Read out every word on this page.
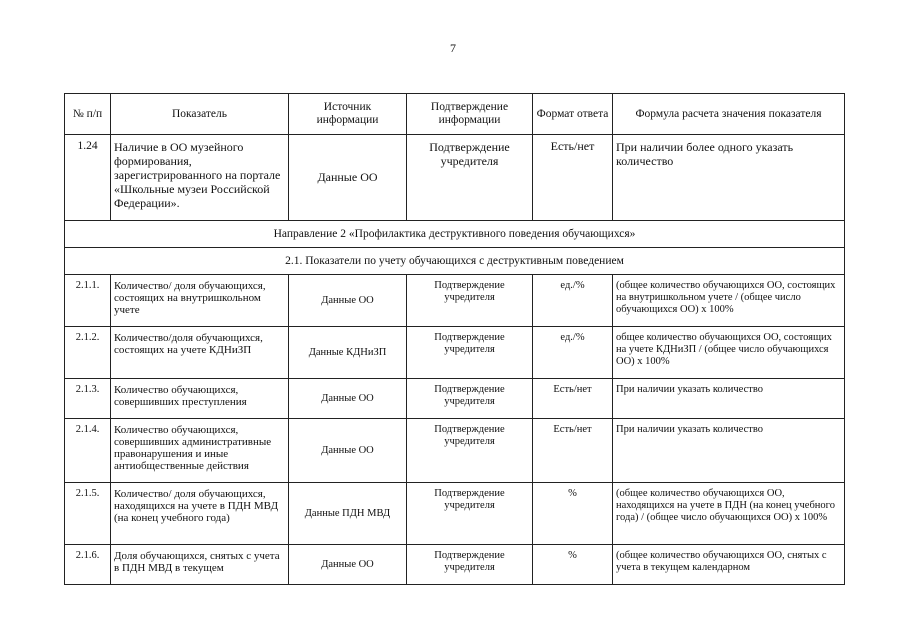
7
№ п/п	Показатель	Источник информации	Подтверждение информации	Формат ответа	Формула расчета значения показателя
1.24	Наличие в ОО музейного формирования, зарегистрированного на портале «Школьные музеи Российской Федерации».	Данные ОО	Подтверждение учредителя	Есть/нет	При наличии более одного указать количество
Направление 2 «Профилактика деструктивного поведения обучающихся»					
2.1. Показатели по учету обучающихся с деструктивным поведением					
2.1.1.	Количество/ доля обучающихся, состоящих на внутришкольном учете	Данные ОО	Подтверждение учредителя	ед./%	(общее количество обучающихся ОО, состоящих на внутришкольном учете / (общее число обучающихся ОО) х 100%
2.1.2.	Количество/доля обучающихся, состоящих на учете КДНиЗП	Данные КДНиЗП	Подтверждение учредителя	ед./%	общее количество обучающихся ОО, состоящих на учете КДНиЗП / (общее число обучающихся ОО) х 100%
2.1.3.	Количество обучающихся, совершивших преступления	Данные ОО	Подтверждение учредителя	Есть/нет	При наличии указать количество
2.1.4.	Количество обучающихся, совершивших административные правонарушения и иные антиобщественные действия	Данные ОО	Подтверждение учредителя	Есть/нет	При наличии указать количество
2.1.5.	Количество/ доля обучающихся, находящихся на учете в ПДН МВД (на конец учебного года)	Данные ПДН МВД	Подтверждение учредителя	%	(общее количество обучающихся ОО, находящихся на учете в ПДН (на конец учебного года) / (общее число обучающихся ОО) х 100%
2.1.6.	Доля обучающихся, снятых с учета в ПДН МВД в текущем	Данные ОО	Подтверждение учредителя	%	(общее количество обучающихся ОО, снятых с учета в текущем календарном
